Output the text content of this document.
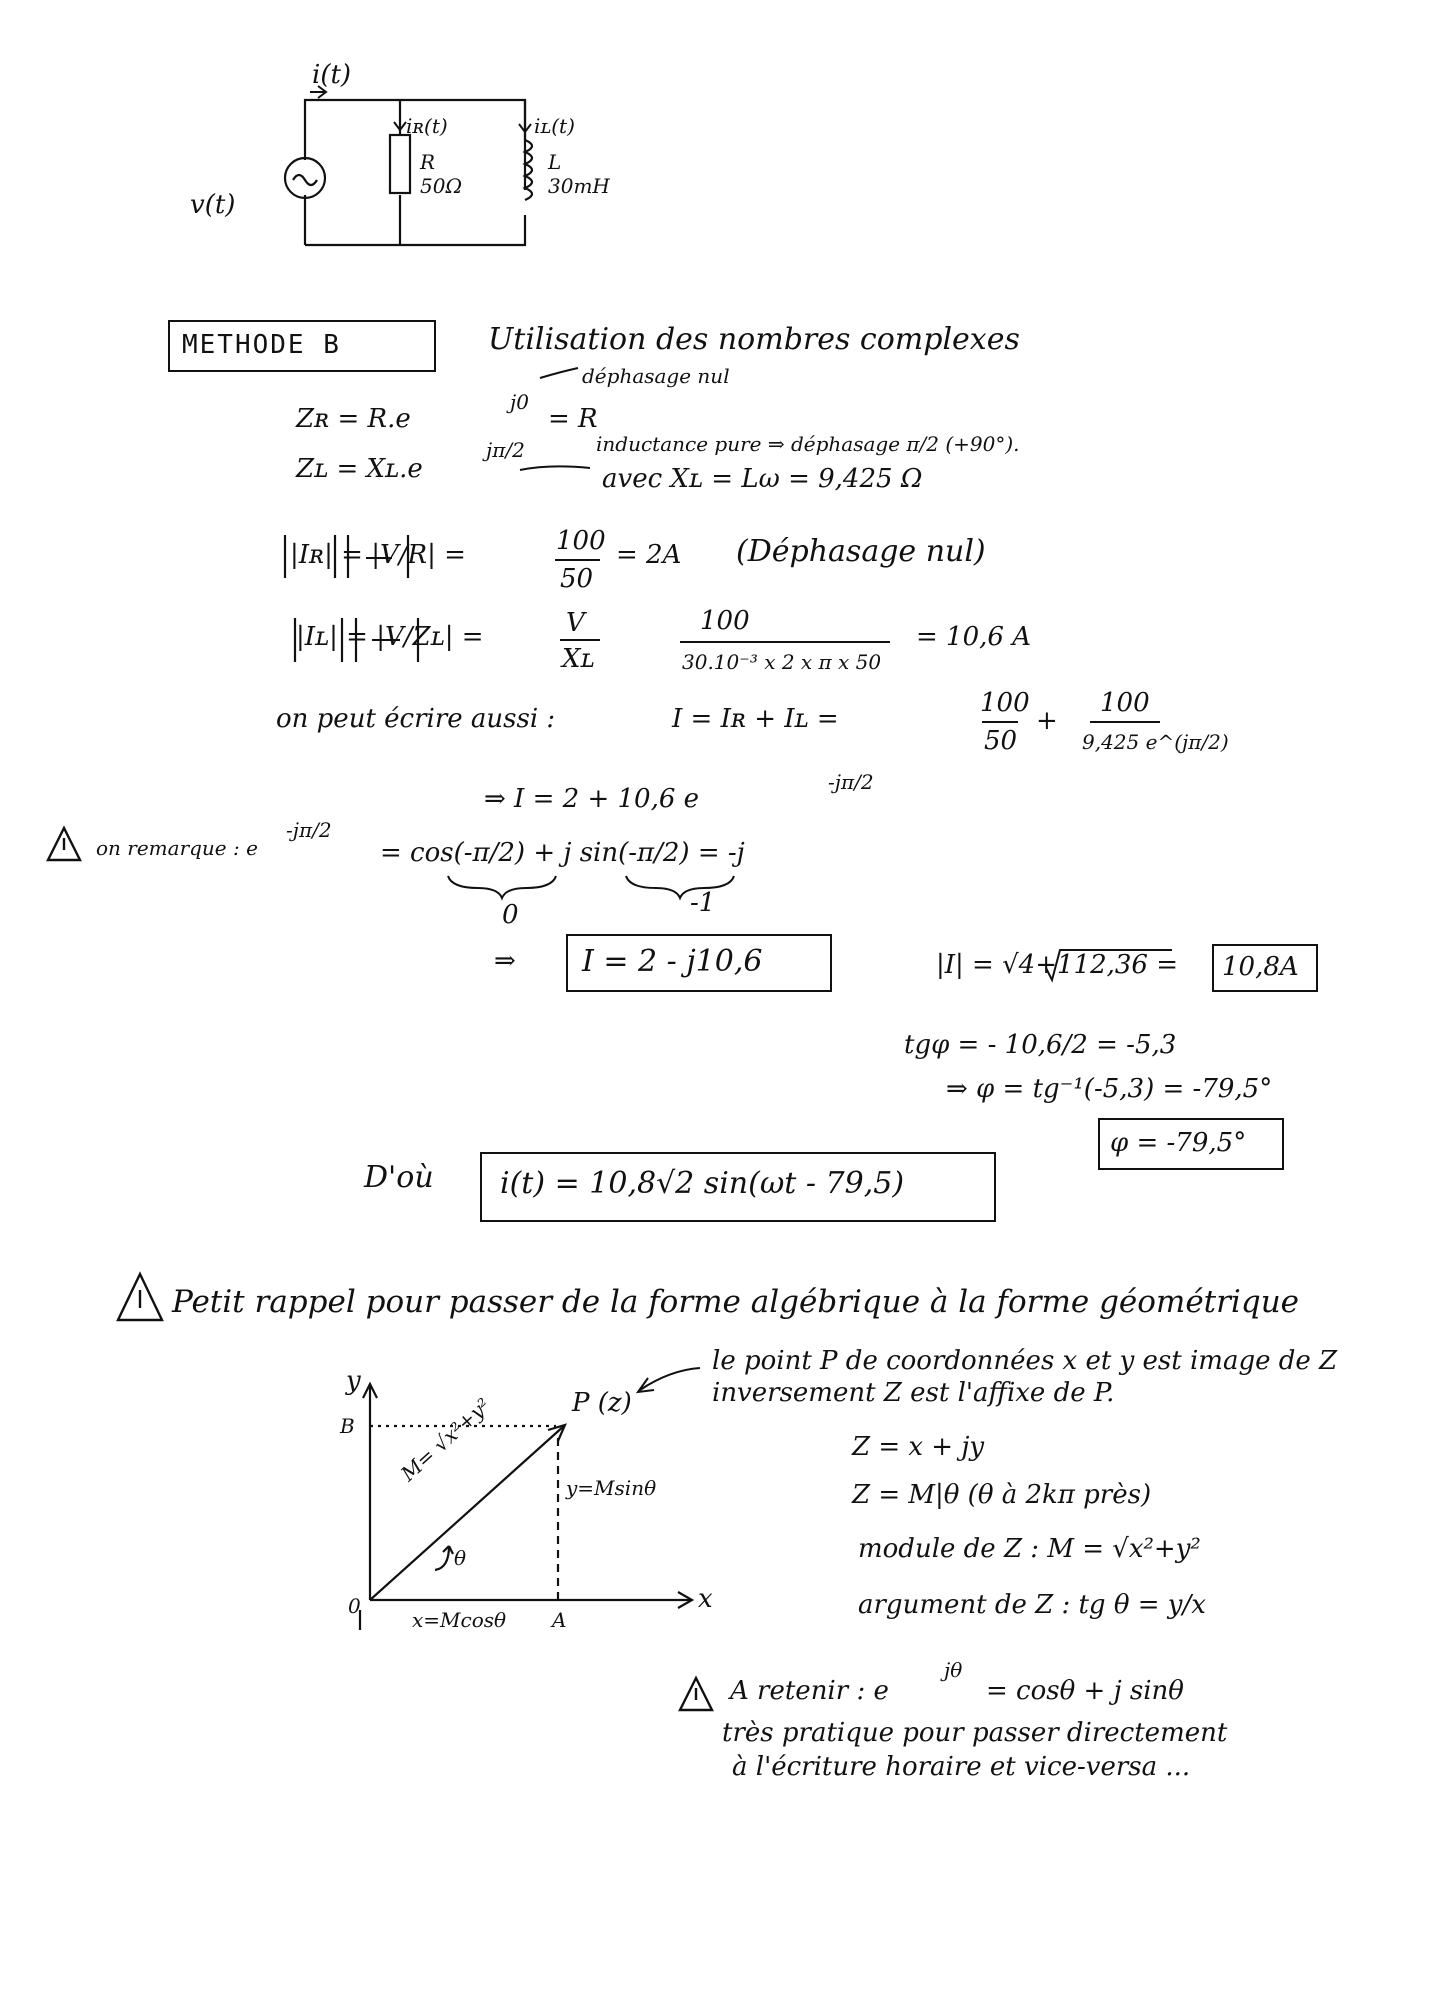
i(t)
iʀ(t)	iʟ(t)
R
50Ω
L
30mH
v(t)
METHODE B	Utilisation des nombres complexes
déphasage nul
Zʀ = R.e
j0
= R
Zʟ = Xʟ.e
jπ/2	inductance pure ⇒ déphasage π/2 (+90°).
avec Xʟ = Lω = 9,425 Ω
|Iʀ| = |V/R| =	100
50
= 2A (Déphasage nul)
|Iʟ| = |V/Zʟ| =	V
Xʟ
100
30.10⁻³ x 2 x π x 50
= 10,6 A
on peut écrire aussi :	I = Iʀ + Iʟ =
100
50
+
100
9,425 e^(jπ/2)
⇒ I = 2 + 10,6 e
-jπ/2
on remarque : e
-jπ/2
= cos(-π/2) + j sin(-π/2) = -j
0	-1
⇒ I = 2 - j10,6	|I| = √4+112,36 = 10,8A
tgφ = - 10,6/2 = -5,3
⇒ φ = tg⁻¹(-5,3) = -79,5°
φ = -79,5°
D'où i(t) = 10,8√2 sin(ωt - 79,5)
Petit rappel pour passer de la forme algébrique à la forme géométrique
le point P de coordonnées x et y est image de Z
inversement Z est l'affixe de P.
P (z)
y
x
0
B
A
M= √x²+y²
y=Msinθ
x=Mcosθ
θ
Z = x + jy
Z = M|θ (θ à 2kπ près)
module de Z : M = √x²+y²
argument de Z : tg θ = y/x
A retenir : e
jθ
= cosθ + j sinθ
très pratique pour passer directement
à l'écriture horaire et vice-versa ...
